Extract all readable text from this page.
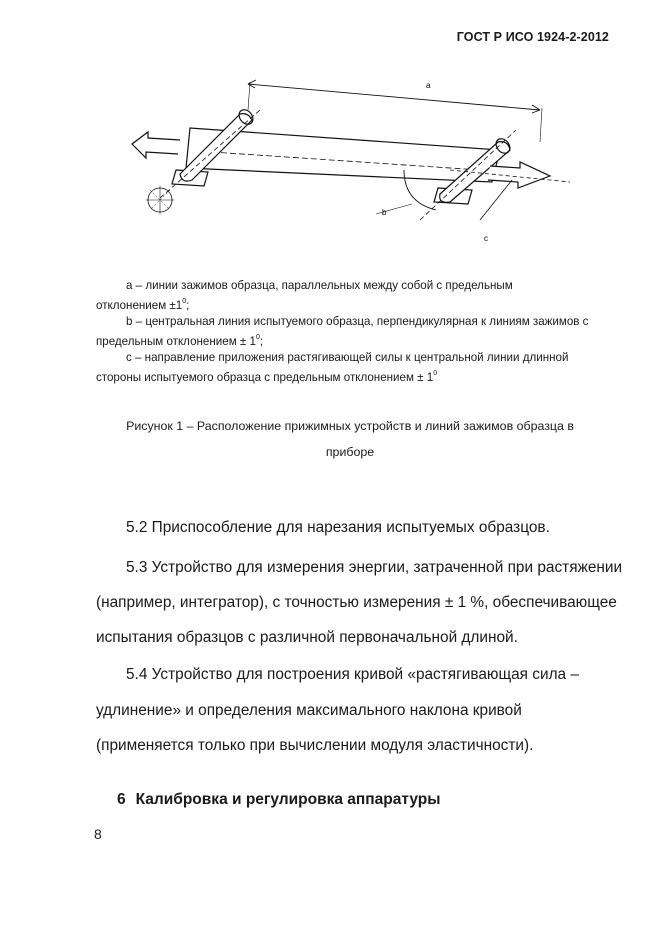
ГОСТ Р ИСО 1924-2-2012
a
b
c
a – линии зажимов образца, параллельных между собой с предельным
отклонением $\pm 1^0$;
b – центральная линия испытуемого образца, перпендикулярная к линиям зажимов с
предельным отклонением ± $1^0$;
c – направление приложения растягивающей силы к центральной линии длинной
стороны испытуемого образца с предельным отклонением ± $1^0$
Рисунок 1 – Расположение прижимных устройств и линий зажимов образца в
приборе
5.2 Приспособление для нарезания испытуемых образцов.
5.3 Устройство для измерения энергии, затраченной при растяжении
(например, интегратор), с точностью измерения ± 1 %, обеспечивающее
испытания образцов с различной первоначальной длиной.
5.4 Устройство для построения кривой «растягивающая сила –
удлинение» и определения максимального наклона кривой
(применяется только при вычислении модуля эластичности).
6 Калибровка и регулировка аппаратуры
8
